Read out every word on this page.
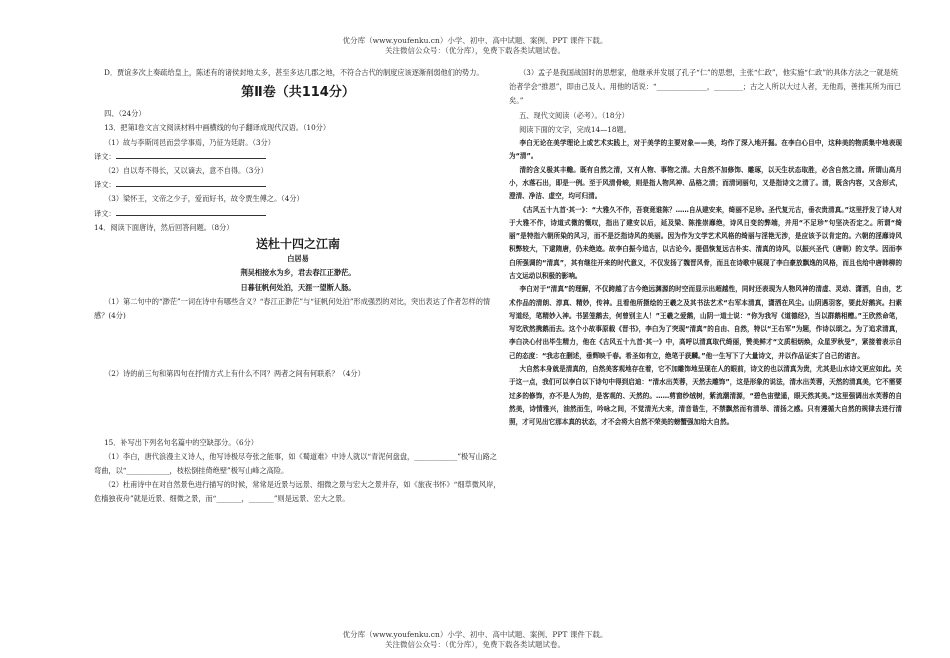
优分库（www.youfenku.cn）小学、初中、高中试题、案例、PPT 课件下载。
关注微信公众号：（优分库），免费下载各类试题试卷。

D．贾谊多次上奏疏给皇上，陈述有的诸侯封地太多，甚至多达几郡之地，不符合古代的制度应该逐渐削弱他们的势力。

第Ⅱ卷（共114分）

四、（24分）

13．把第Ⅰ卷文言文阅读材料中画横线的句子翻译成现代汉语。（10分）

（1）故与李斯同邑而尝学事焉，乃征为廷尉。（3分）

译文：

（2）自以寿不得长，又以谪去，意不自得。（3分）

译文：

（3）梁怀王，文帝之少子，爱而好书，故令贾生傅之。（4分）

译文：

14．阅读下面唐诗，然后回答问题。（8分）

送杜十四之江南
白居易
荆吴相接水为乡，君去春江正渺茫。
日暮征帆何处泊，天涯一望断人肠。

（1）第二句中的“渺茫”一词在诗中有哪些含义？“春江正渺茫”与“征帆何处泊”形成强烈的对比，突出表达了作者怎样的情感？(4分)

（2）诗的前三句和第四句在抒情方式上有什么不同？两者之间有何联系？（4分）

15．补写出下列名句名篇中的空缺部分。（6分）

（1）李白，唐代浪漫主义诗人，他写诗极尽夸张之能事，如《蜀道难》中诗人就以“青泥何盘盘，____________”极写山路之弯曲，以“____________，枝松倒挂倚绝壁”极写山峰之高险。

（2）杜甫诗中在对自然景色进行描写的时候，常常是近景与远景、细微之景与宏大之景并存，如《旅夜书怀》“细草微风岸，危樯独夜舟”就是近景、细微之景，而“_______，_______”则是远景、宏大之景。

（3）孟子是我国战国时的思想家，他继承并发展了孔子“仁”的思想，主张“仁政”，他实施“仁政”的具体方法之一就是统治者学会“推恩”，即由己及人。用他的话说：“______________，________；古之人所以大过人者，无他焉，善推其所为而已矣。”

五、现代文阅读（必考）。（18分）

阅读下面的文字，完成14—18题。

李白无论在美学理论上或艺术实践上，对于美学的主要对象——美，均作了深入地开掘。在李白心目中，这种美的物质集中地表现为“清”。

清的含义极其丰赡。既有自然之清，又有人物、事物之清。大自然不加修饰、雕琢，以天生状态取胜，必含自然之清。所谓山高月小，水落石出，即是一例。至于风清骨峻，则是指人物风神、品格之清；而清词丽句，又是指诗文之清了。清，既含内容，又含形式，澄清、净洁、虚空，均可归清。

《古风五十九首·其一》：“大雅久不作，吾衰竟谁陈？……自从建安来，绮丽不足珍。圣代复元古，垂衣贵清真。”这里抒发了诗人对于大雅不作，诗道式微的慨叹，指出了建安以后，延及梁、陈推崇靡绝，诗风日变的弊端，并用“不足珍”句坚决否定之。所谓“绮丽”是特指六朝所染的风习，而不是泛指诗风的美丽。因为作为文学艺术风格的绮丽与淫艳无涉，是应该予以肯定的。六朝的淫靡诗风积弊较大，下逮隋唐，仍未绝迹。故李白振今追古，以古论今。提倡恢复远古朴实、清真的诗风，以振兴圣代（唐朝）的文学。因而李白所强调的“清真”，其有继往开来的时代意义，不仅发扬了魏晋风骨，而且在诗歌中展现了李白豪放飘逸的风格，而且也给中唐韩柳的古文运动以积极的影响。

李白对于“清真”的理解，不仅跨越了古今绝远渊源的时空而显示出超越性，同时还表现为人物风神的清虚、灵动、潇洒，自由，艺术作品的清朗、淳真、精妙，传神。且看他所摄绘的王羲之及其书法艺术“右军本清真，潇洒在风尘。山阴遇羽客，要此好鹅宾。扫素写道经，笔精妙入神。书罢笼鹅去，何曾别主人！”王羲之爱鹅，山阴一道士说：“你为我写《道德经》，当以群鹅相赠。”王欣然命笔，写讫欣然携鹅而去。这个小故事原载《晋书》，李白为了突现“清真”的自由、自然，特以“王右军”为题，作诗以颂之。为了追求清真，李白决心付出毕生精力，他在《古风五十九首·其一》中，高呼以清真取代绮丽，赞美鲜才“文质相炳焕，众星罗秋旻”，紧接着表示自己的态度：“我志在删述，垂辉映千春。希圣如有立，绝笔于获麟。”他一生写下了大量诗文，并以作品证实了自己的诺言。

大自然本身就是清真的，自然美客观地存在着，它不加雕饰地呈现在人的眼前，诗文的也以清真为贵，尤其是山水诗文更应如此。关于这一点，我们可以李白以下诗句中得到启迪：“清水出芙蓉，天然去雕饰”，这是形象的说法，清水出芙蓉，天然的清真美，它不需要过多的修饰，亦不是人为的，是客观的、天然的。……剪窗纱绒树，紫流潮清源，“碧色宙壁遥，眼天然其美。”这里强调出水芙蓉的自然美，诗情雅兴，油然而生，吟咏之间，不觉清光大来，清音谐生，不禁飘然而有清举、清扬之感。只有遵循大自然的规律去进行清照，才可见出它那本真的状态，才不会将大自然不荣美的螃蟹强加给大自然。

优分库（www.youfenku.cn）小学、初中、高中试题、案例、PPT 课件下载。
关注微信公众号：（优分库），免费下载各类试题试卷。
